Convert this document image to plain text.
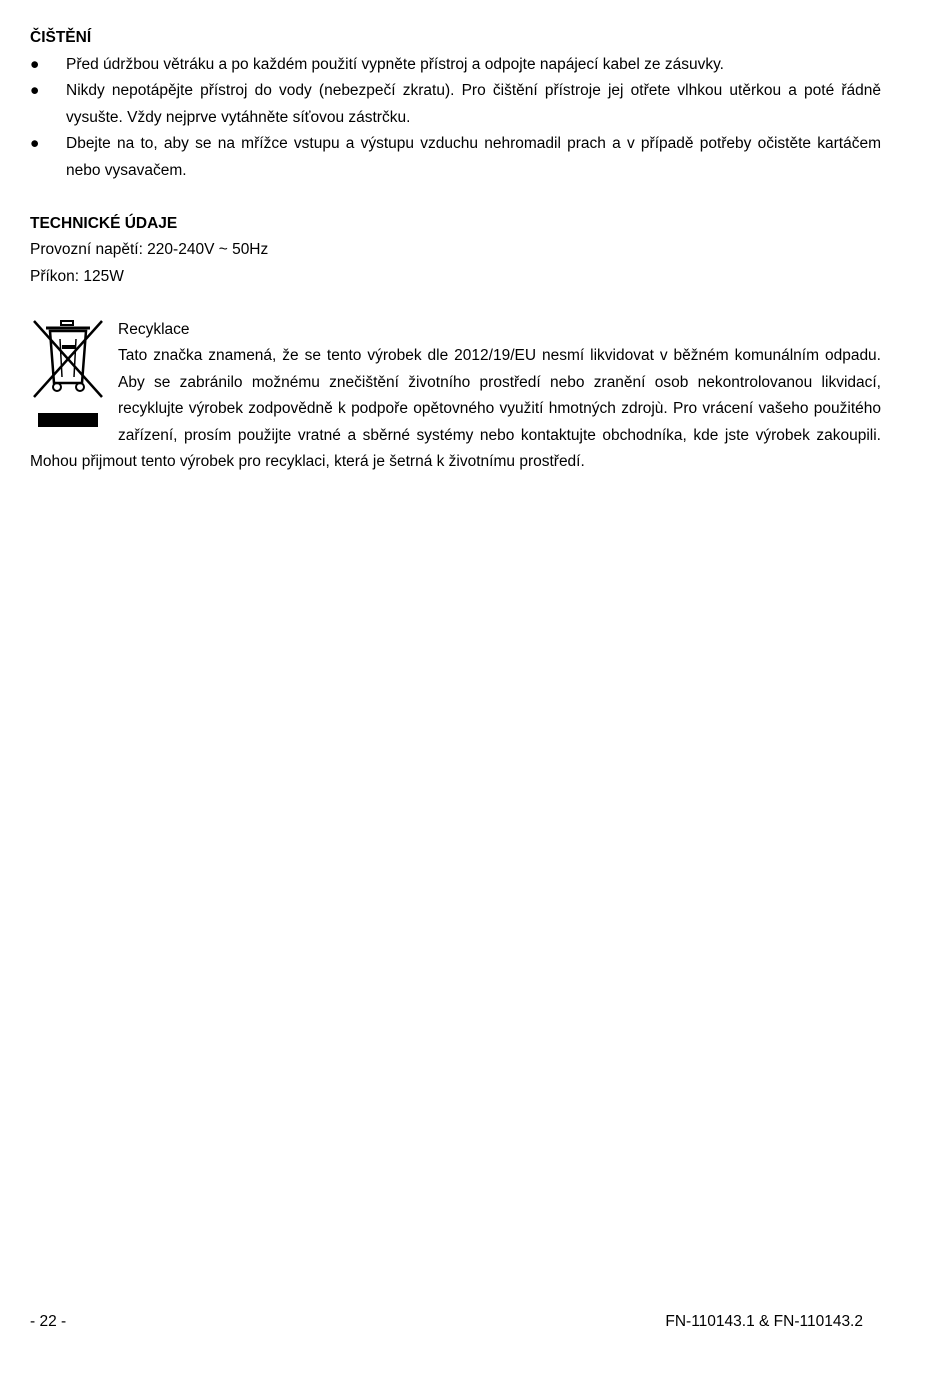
ČIŠTĚNÍ
● Před údržbou větráku a po každém použití vypněte přístroj a odpojte napájecí kabel ze zásuvky.
● Nikdy nepotápějte přístroj do vody (nebezpečí zkratu). Pro čištění přístroje jej otřete vlhkou utěrkou a poté řádně vysušte. Vždy nejprve vytáhněte síťovou zástrčku.
● Dbejte na to, aby se na mřížce vstupu a výstupu vzduchu nehromadil prach a v případě potřeby očistěte kartáčem nebo vysavačem.
TECHNICKÉ ÚDAJE

Provozní napětí: 220-240V ~ 50Hz

Příkon: 125W

Recyklace

Tato značka znamená, že se tento výrobek dle 2012/19/EU nesmí likvidovat v běžném komunálním odpadu. Aby se zabránilo možnému znečištění životního prostředí nebo zranění osob nekontrolovanou likvidací, recyklujte výrobek zodpovědně k podpoře opětovného využití hmotných zdrojù. Pro vrácení vašeho použitého zařízení, prosím použijte vratné a sběrné systémy nebo kontaktujte obchodníka, kde jste výrobek zakoupili. Mohou přijmout tento výrobek pro recyklaci, která je šetrná k životnímu prostředí.

- 22 -	FN-110143.1 & FN-110143.2
